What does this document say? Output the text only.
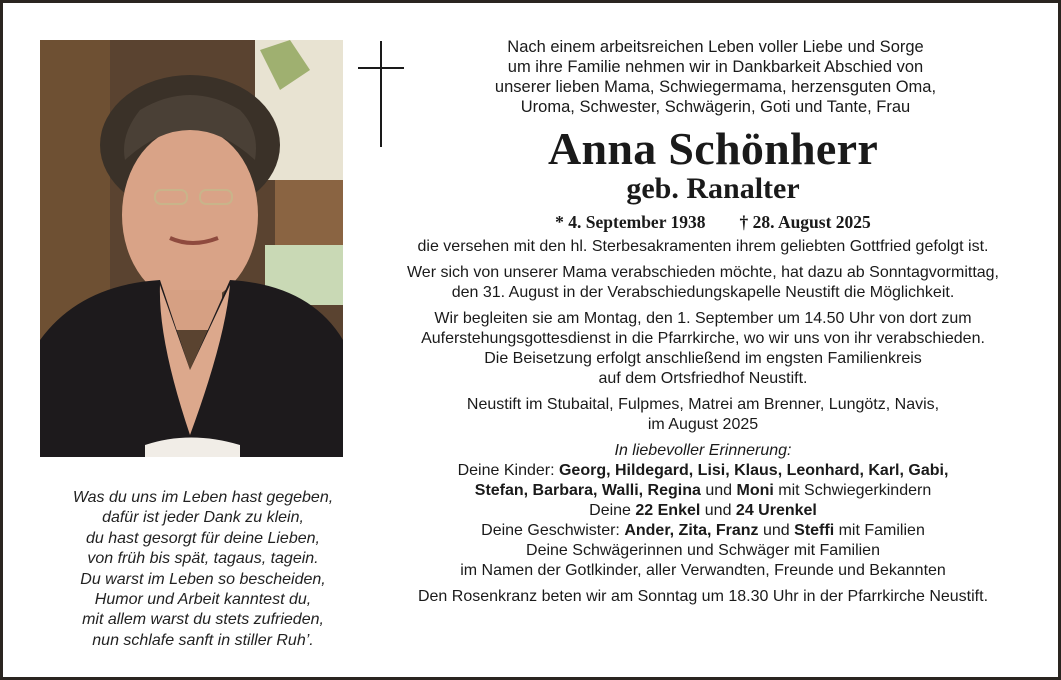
Was du uns im Leben hast gegeben,
dafür ist jeder Dank zu klein,
du hast gesorgt für deine Lieben,
von früh bis spät, tagaus, tagein.
Du warst im Leben so bescheiden,
Humor und Arbeit kanntest du,
mit allem warst du stets zufrieden,
nun schlafe sanft in stiller Ruh’.
Nach einem arbeitsreichen Leben voller Liebe und Sorge
um ihre Familie nehmen wir in Dankbarkeit Abschied von
unserer lieben Mama, Schwiegermama, herzensguten Oma,
Uroma, Schwester, Schwägerin, Goti und Tante, Frau
Anna Schönherr
geb. Ranalter
* 4. September 1938 † 28. August 2025
die versehen mit den hl. Sterbesakramenten ihrem geliebten Gottfried gefolgt ist.
Wer sich von unserer Mama verabschieden möchte, hat dazu ab Sonntagvormittag,
den 31. August in der Verabschiedungskapelle Neustift die Möglichkeit.
Wir begleiten sie am Montag, den 1. September um 14.50 Uhr von dort zum
Auferstehungsgottesdienst in die Pfarrkirche, wo wir uns von ihr verabschieden.
Die Beisetzung erfolgt anschließend im engsten Familienkreis
auf dem Ortsfriedhof Neustift.
Neustift im Stubaital, Fulpmes, Matrei am Brenner, Lungötz, Navis,
im August 2025
In liebevoller Erinnerung:
Deine Kinder: Georg, Hildegard, Lisi, Klaus, Leonhard, Karl, Gabi,
Stefan, Barbara, Walli, Regina und Moni mit Schwiegerkindern
Deine 22 Enkel und 24 Urenkel
Deine Geschwister: Ander, Zita, Franz und Steffi mit Familien
Deine Schwägerinnen und Schwäger mit Familien
im Namen der Gotlkinder, aller Verwandten, Freunde und Bekannten
Den Rosenkranz beten wir am Sonntag um 18.30 Uhr in der Pfarrkirche Neustift.
